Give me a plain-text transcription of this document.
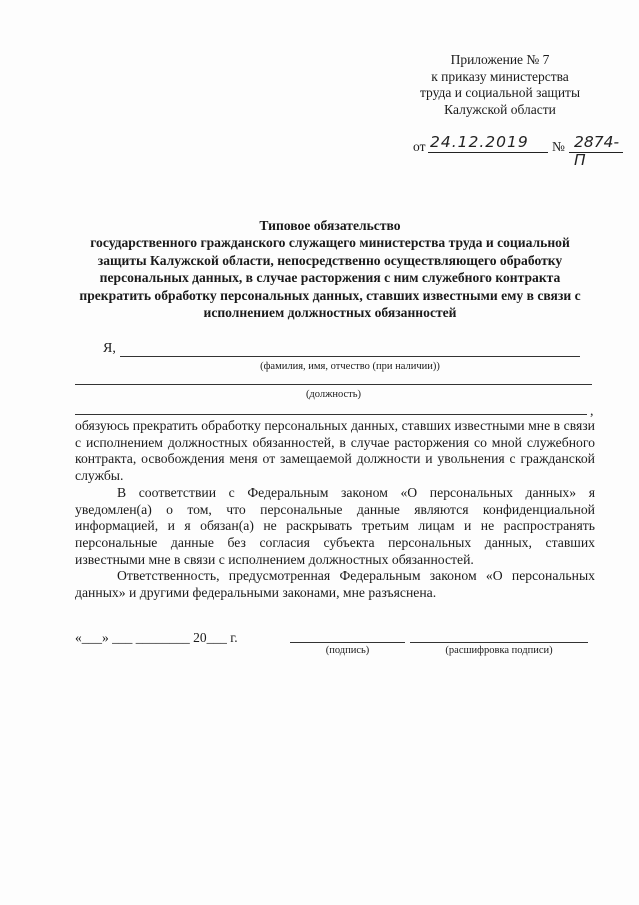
Приложение № 7
к приказу министерства
труда и социальной защиты
Калужской области
от 24.12.2019 № 2874-П
Типовое обязательство
государственного гражданского служащего министерства труда и социальной
защиты Калужской области, непосредственно осуществляющего обработку
персональных данных, в случае расторжения с ним служебного контракта
прекратить обработку персональных данных, ставших известными ему в связи с
исполнением должностных обязанностей
Я,
(фамилия, имя, отчество (при наличии))
(должность)
,

обязуюсь прекратить обработку персональных данных, ставших известными мне в связи с исполнением должностных обязанностей, в случае расторжения со мной служебного контракта, освобождения меня от замещаемой должности и увольнения с гражданской службы.

В соответствии с Федеральным законом «О персональных данных» я уведомлен(а) о том, что персональные данные являются конфиденциальной информацией, и я обязан(а) не раскрывать третьим лицам и не распространять персональные данные без согласия субъекта персональных данных, ставших известными мне в связи с исполнением должностных обязанностей.

Ответственность, предусмотренная Федеральным законом «О персональных данных» и другими федеральными законами, мне разъяснена.

«___» ___ ________ 20___ г.
(подпись)	(расшифровка подписи)
